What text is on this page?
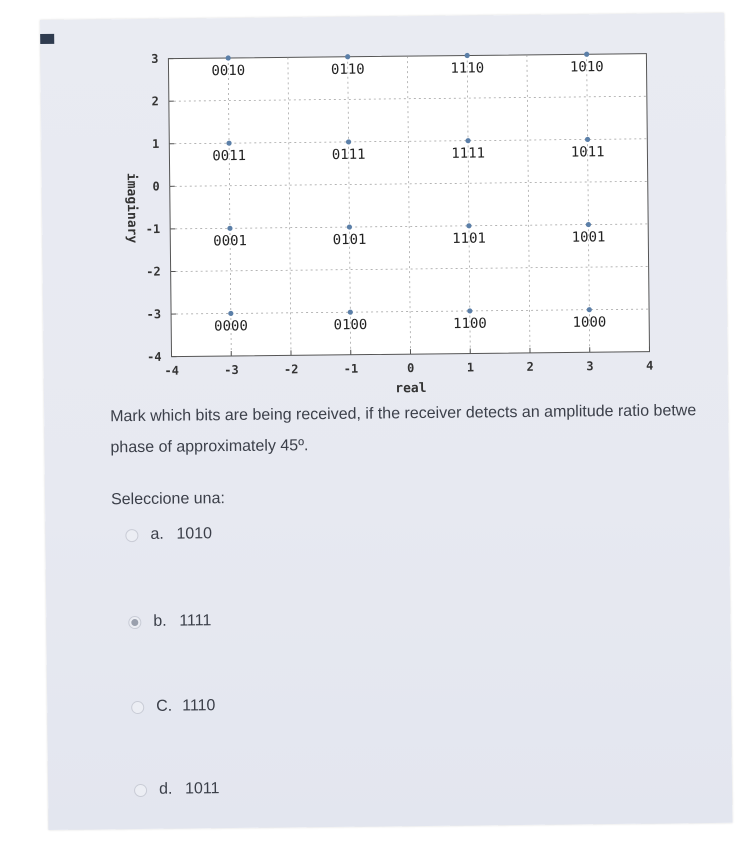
-4	-3	-2	-1	0	1	2	3	4
3
2
1
0
-1
-2
-3
-4
0010	0110	1110	1010
0011	0111	1111	1011
0001	0101	1101	1001
0000	0100	1100	1000
real
imaginary
Mark which bits are being received, if the receiver detects an amplitude ratio betwe
phase of approximately 45º.
Seleccione una:
a. 1010
b. 1111
C. 1110
d. 1011
